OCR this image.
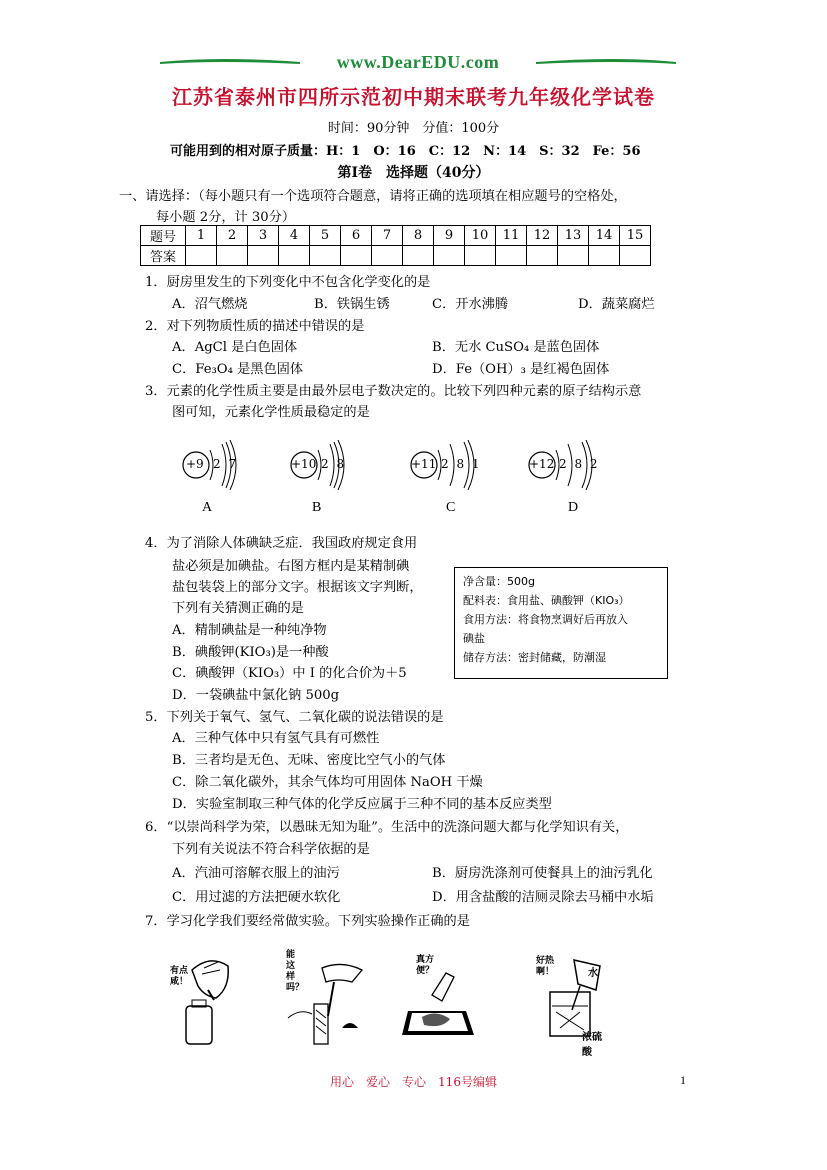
www.DearEDU.com
江苏省泰州市四所示范初中期末联考九年级化学试卷
时间：90分钟　分值：100分
可能用到的相对原子质量：H：1　O：16　C：12　N：14　S：32　Fe：56
第Ⅰ卷　选择题（40分）
一、请选择：（每小题只有一个选项符合题意，请将正确的选项填在相应题号的空格处，
每小题 2分，计 30分）
题号	1	2	3	4	5	6	7	8	9	10	11	12	13	14	15
答案															
1．厨房里发生的下列变化中不包含化学变化的是
A．沼气燃烧	B．铁锅生锈	C．开水沸腾	D．蔬菜腐烂
2．对下列物质性质的描述中错误的是
A．AgCl 是白色固体	B．无水 CuSO₄ 是蓝色固体
C．Fe₃O₄ 是黑色固体	D．Fe（OH）₃ 是红褐色固体
3．元素的化学性质主要是由最外层电子数决定的。比较下列四种元素的原子结构示意
图可知，元素化学性质最稳定的是
+9 2 7
A
+10 2 8
B
+11 2 8 1
C
+12 2 8 2
D
4．为了消除人体碘缺乏症．我国政府规定食用
盐必须是加碘盐。右图方框内是某精制碘
盐包装袋上的部分文字。根据该文字判断，
下列有关猜测正确的是
A．精制碘盐是一种纯净物
B．碘酸钾(KIO₃)是一种酸
C．碘酸钾（KIO₃）中 I 的化合价为＋5
D．一袋碘盐中氯化钠 500g
净含量：500g
配料表：食用盐、碘酸钾（KIO₃）
食用方法：将食物烹调好后再放入
碘盐
储存方法：密封储藏，防潮湿
5．下列关于氧气、氢气、二氧化碳的说法错误的是
A．三种气体中只有氢气具有可燃性
B．三者均是无色、无味、密度比空气小的气体
C．除二氧化碳外，其余气体均可用固体 NaOH 干燥
D．实验室制取三种气体的化学反应属于三种不同的基本反应类型
6．“以崇尚科学为荣，以愚昧无知为耻”。生活中的洗涤问题大都与化学知识有关，
下列有关说法不符合科学依据的是
A．汽油可溶解衣服上的油污	B．厨房洗涤剂可使餐具上的油污乳化
C．用过滤的方法把硬水软化	D．用含盐酸的洁厕灵除去马桶中水垢
7．学习化学我们要经常做实验。下列实验操作正确的是
有点咸！
能这样吗？
真方便？
好热啊！	水
浓硫酸
用心　爱心　专心　116号编辑	1
